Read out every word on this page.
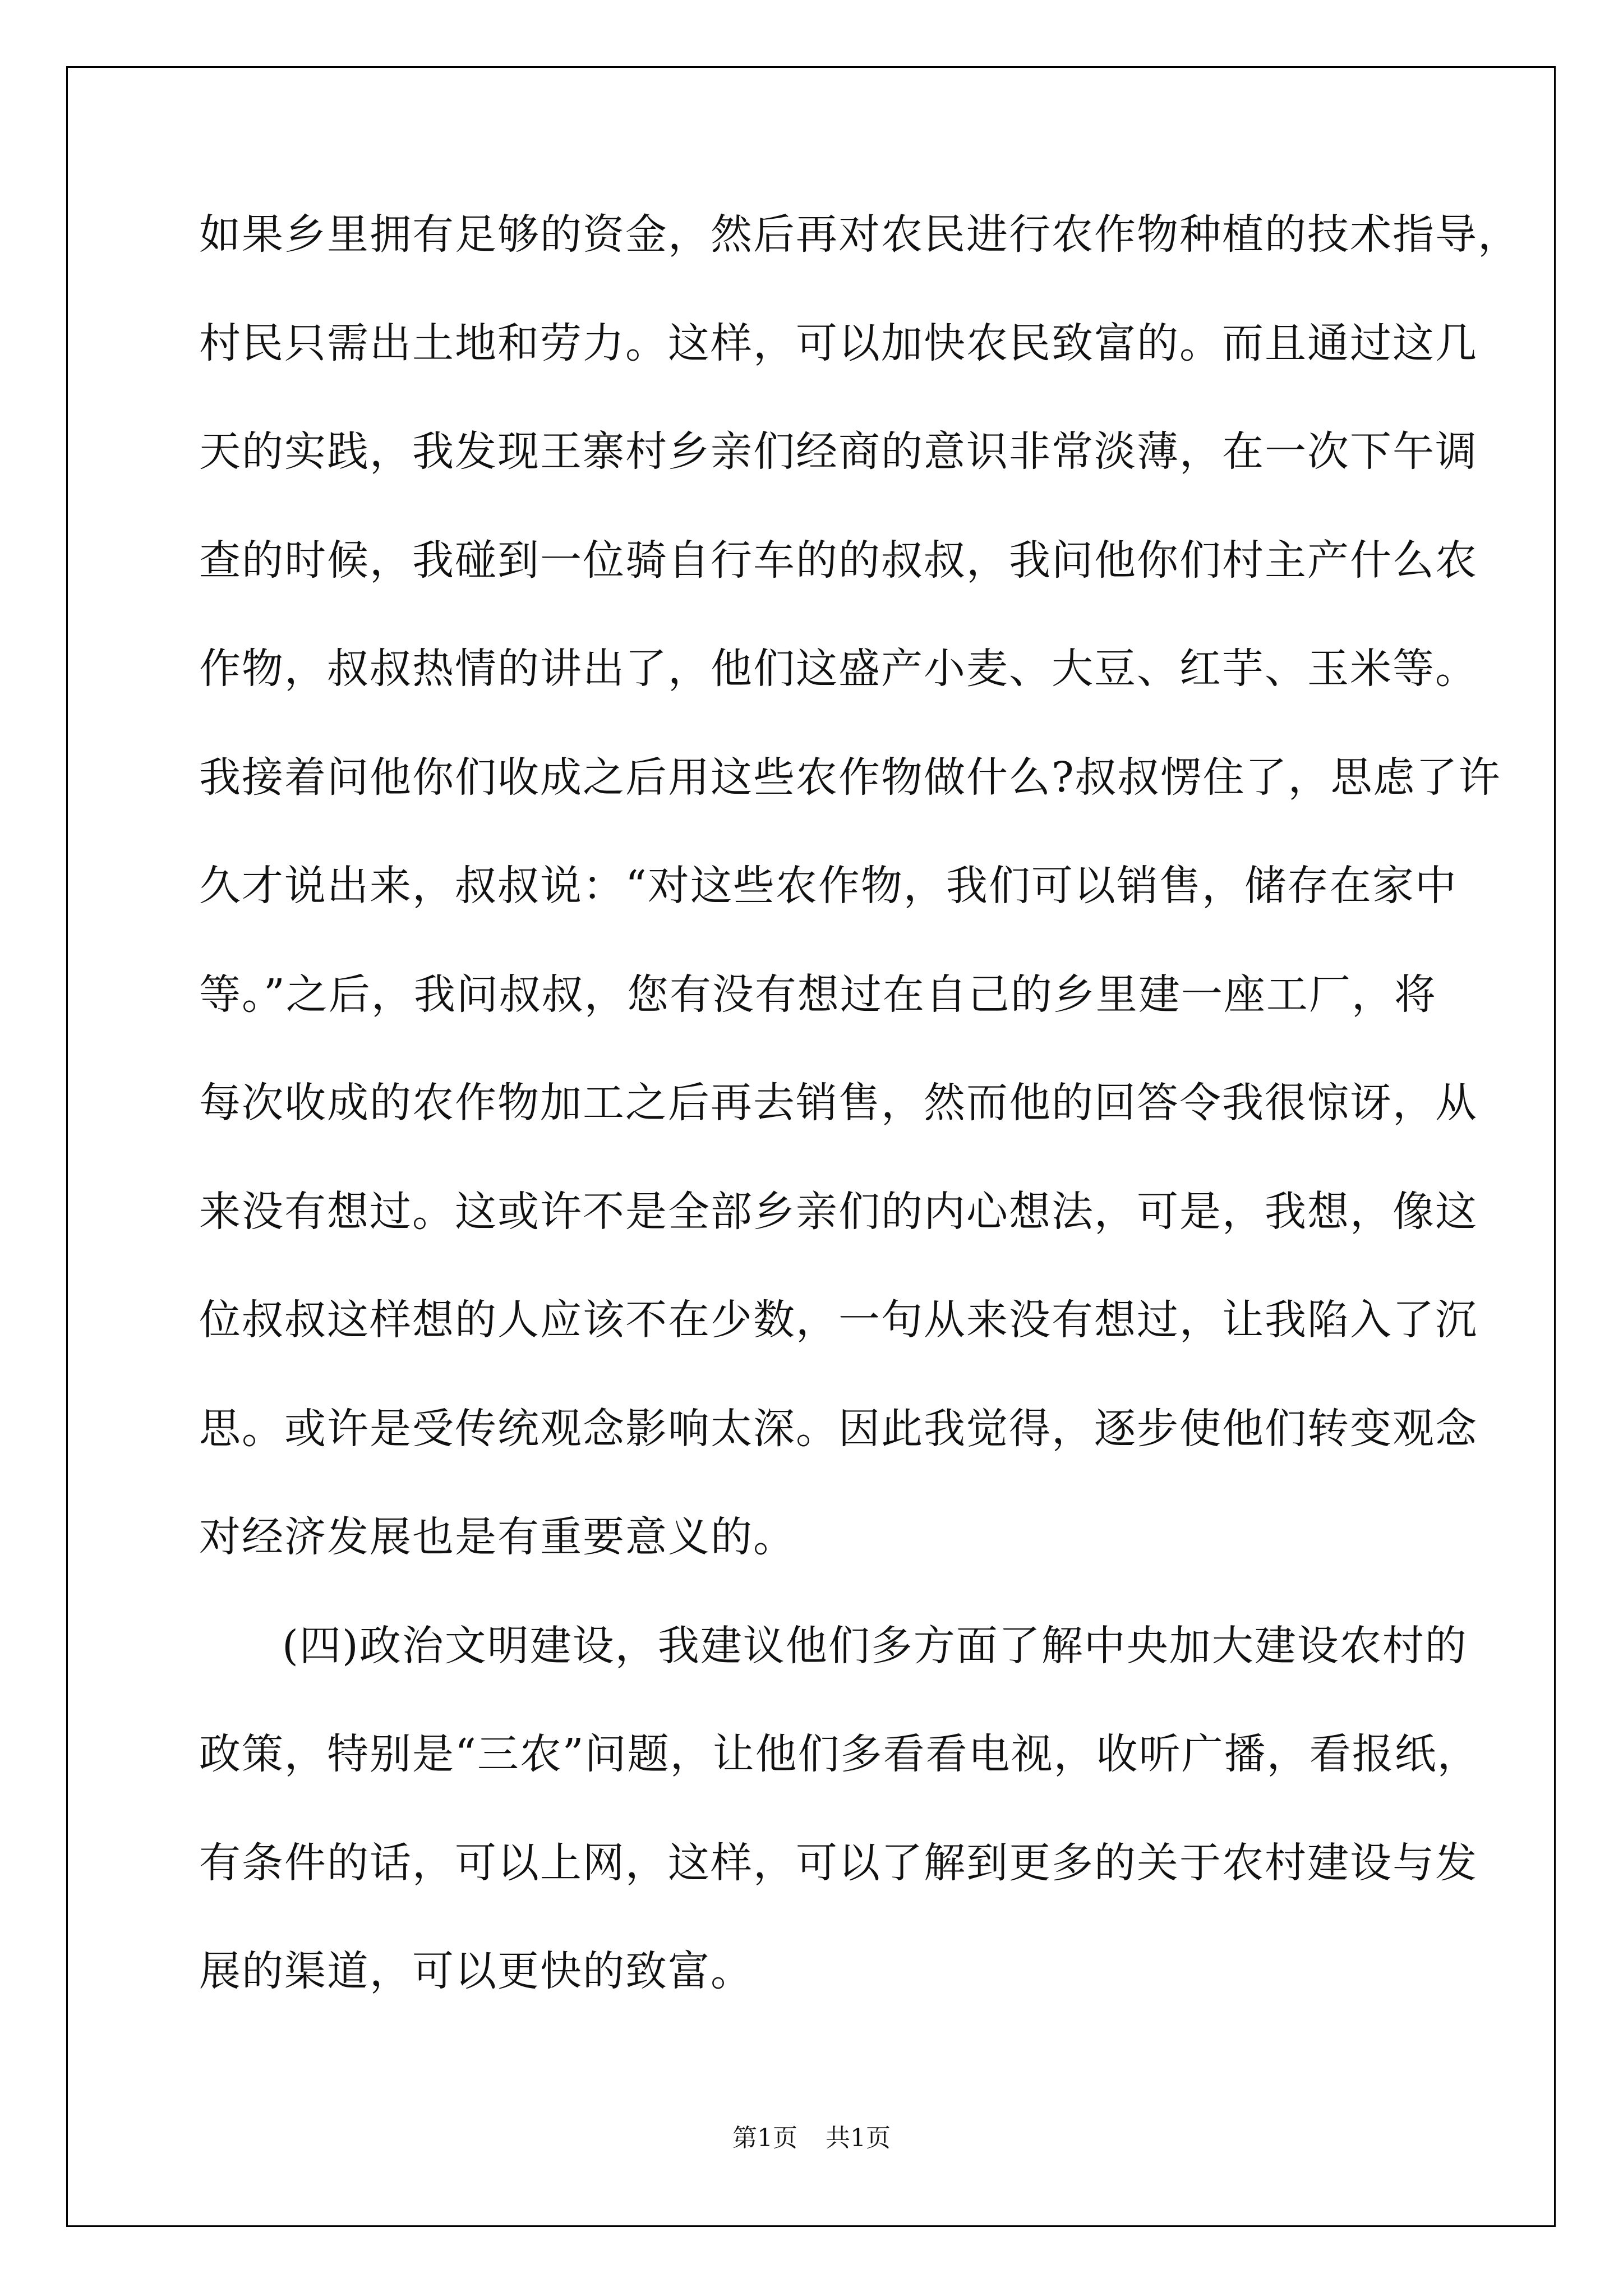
如果乡里拥有足够的资金，然后再对农民进行农作物种植的技术指导，
村民只需出土地和劳力。这样，可以加快农民致富的。而且通过这几
天的实践，我发现王寨村乡亲们经商的意识非常淡薄，在一次下午调
查的时候，我碰到一位骑自行车的的叔叔，我问他你们村主产什么农
作物，叔叔热情的讲出了，他们这盛产小麦、大豆、红芋、玉米等。
我接着问他你们收成之后用这些农作物做什么?叔叔愣住了，思虑了许
久才说出来，叔叔说：“对这些农作物，我们可以销售，储存在家中
等。”之后，我问叔叔，您有没有想过在自己的乡里建一座工厂，将
每次收成的农作物加工之后再去销售，然而他的回答令我很惊讶，从
来没有想过。这或许不是全部乡亲们的内心想法，可是，我想，像这
位叔叔这样想的人应该不在少数，一句从来没有想过，让我陷入了沉
思。或许是受传统观念影响太深。因此我觉得，逐步使他们转变观念
对经济发展也是有重要意义的。
(四)政治文明建设，我建议他们多方面了解中央加大建设农村的
政策，特别是“三农”问题，让他们多看看电视，收听广播，看报纸，
有条件的话，可以上网，这样，可以了解到更多的关于农村建设与发
展的渠道，可以更快的致富。
第1页 共1页
